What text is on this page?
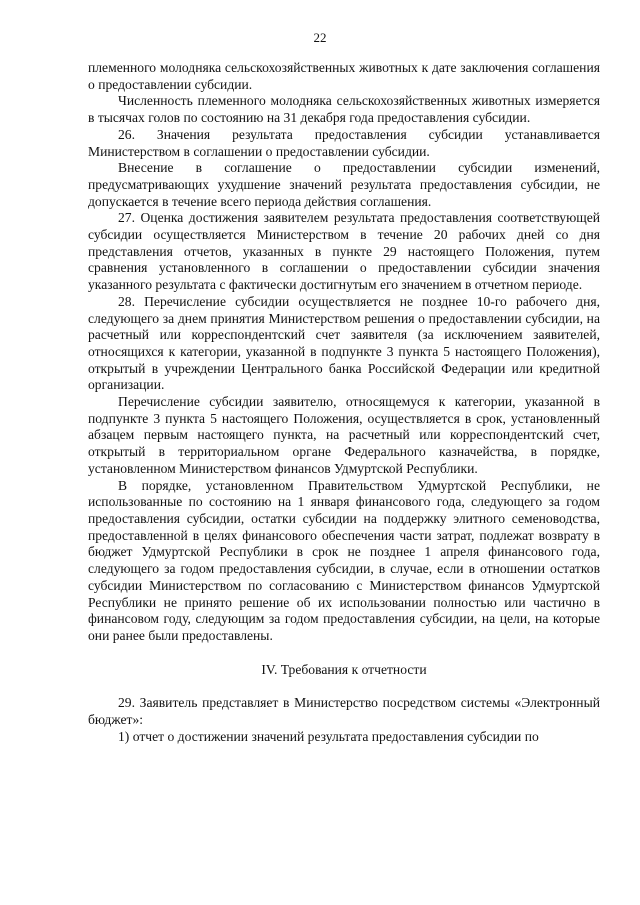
22

племенного молодняка сельскохозяйственных животных к дате заключения соглашения о предоставлении субсидии.

Численность племенного молодняка сельскохозяйственных животных измеряется в тысячах голов по состоянию на 31 декабря года предоставления субсидии.

26. Значения результата предоставления субсидии устанавливается Министерством в соглашении о предоставлении субсидии.

Внесение в соглашение о предоставлении субсидии изменений, предусматривающих ухудшение значений результата предоставления субсидии, не допускается в течение всего периода действия соглашения.

27. Оценка достижения заявителем результата предоставления соответствующей субсидии осуществляется Министерством в течение 20 рабочих дней со дня представления отчетов, указанных в пункте 29 настоящего Положения, путем сравнения установленного в соглашении о предоставлении субсидии значения указанного результата с фактически достигнутым его значением в отчетном периоде.

28. Перечисление субсидии осуществляется не позднее 10-го рабочего дня, следующего за днем принятия Министерством решения о предоставлении субсидии, на расчетный или корреспондентский счет заявителя (за исключением заявителей, относящихся к категории, указанной в подпункте 3 пункта 5 настоящего Положения), открытый в учреждении Центрального банка Российской Федерации или кредитной организации.

Перечисление субсидии заявителю, относящемуся к категории, указанной в подпункте 3 пункта 5 настоящего Положения, осуществляется в срок, установленный абзацем первым настоящего пункта, на расчетный или корреспондентский счет, открытый в территориальном органе Федерального казначейства, в порядке, установленном Министерством финансов Удмуртской Республики.

В порядке, установленном Правительством Удмуртской Республики, не использованные по состоянию на 1 января финансового года, следующего за годом предоставления субсидии, остатки субсидии на поддержку элитного семеноводства, предоставленной в целях финансового обеспечения части затрат, подлежат возврату в бюджет Удмуртской Республики в срок не позднее 1 апреля финансового года, следующего за годом предоставления субсидии, в случае, если в отношении остатков субсидии Министерством по согласованию с Министерством финансов Удмуртской Республики не принято решение об их использовании полностью или частично в финансовом году, следующим за годом предоставления субсидии, на цели, на которые они ранее были предоставлены.

IV. Требования к отчетности

29. Заявитель представляет в Министерство посредством системы «Электронный бюджет»:

1) отчет о достижении значений результата предоставления субсидии по
